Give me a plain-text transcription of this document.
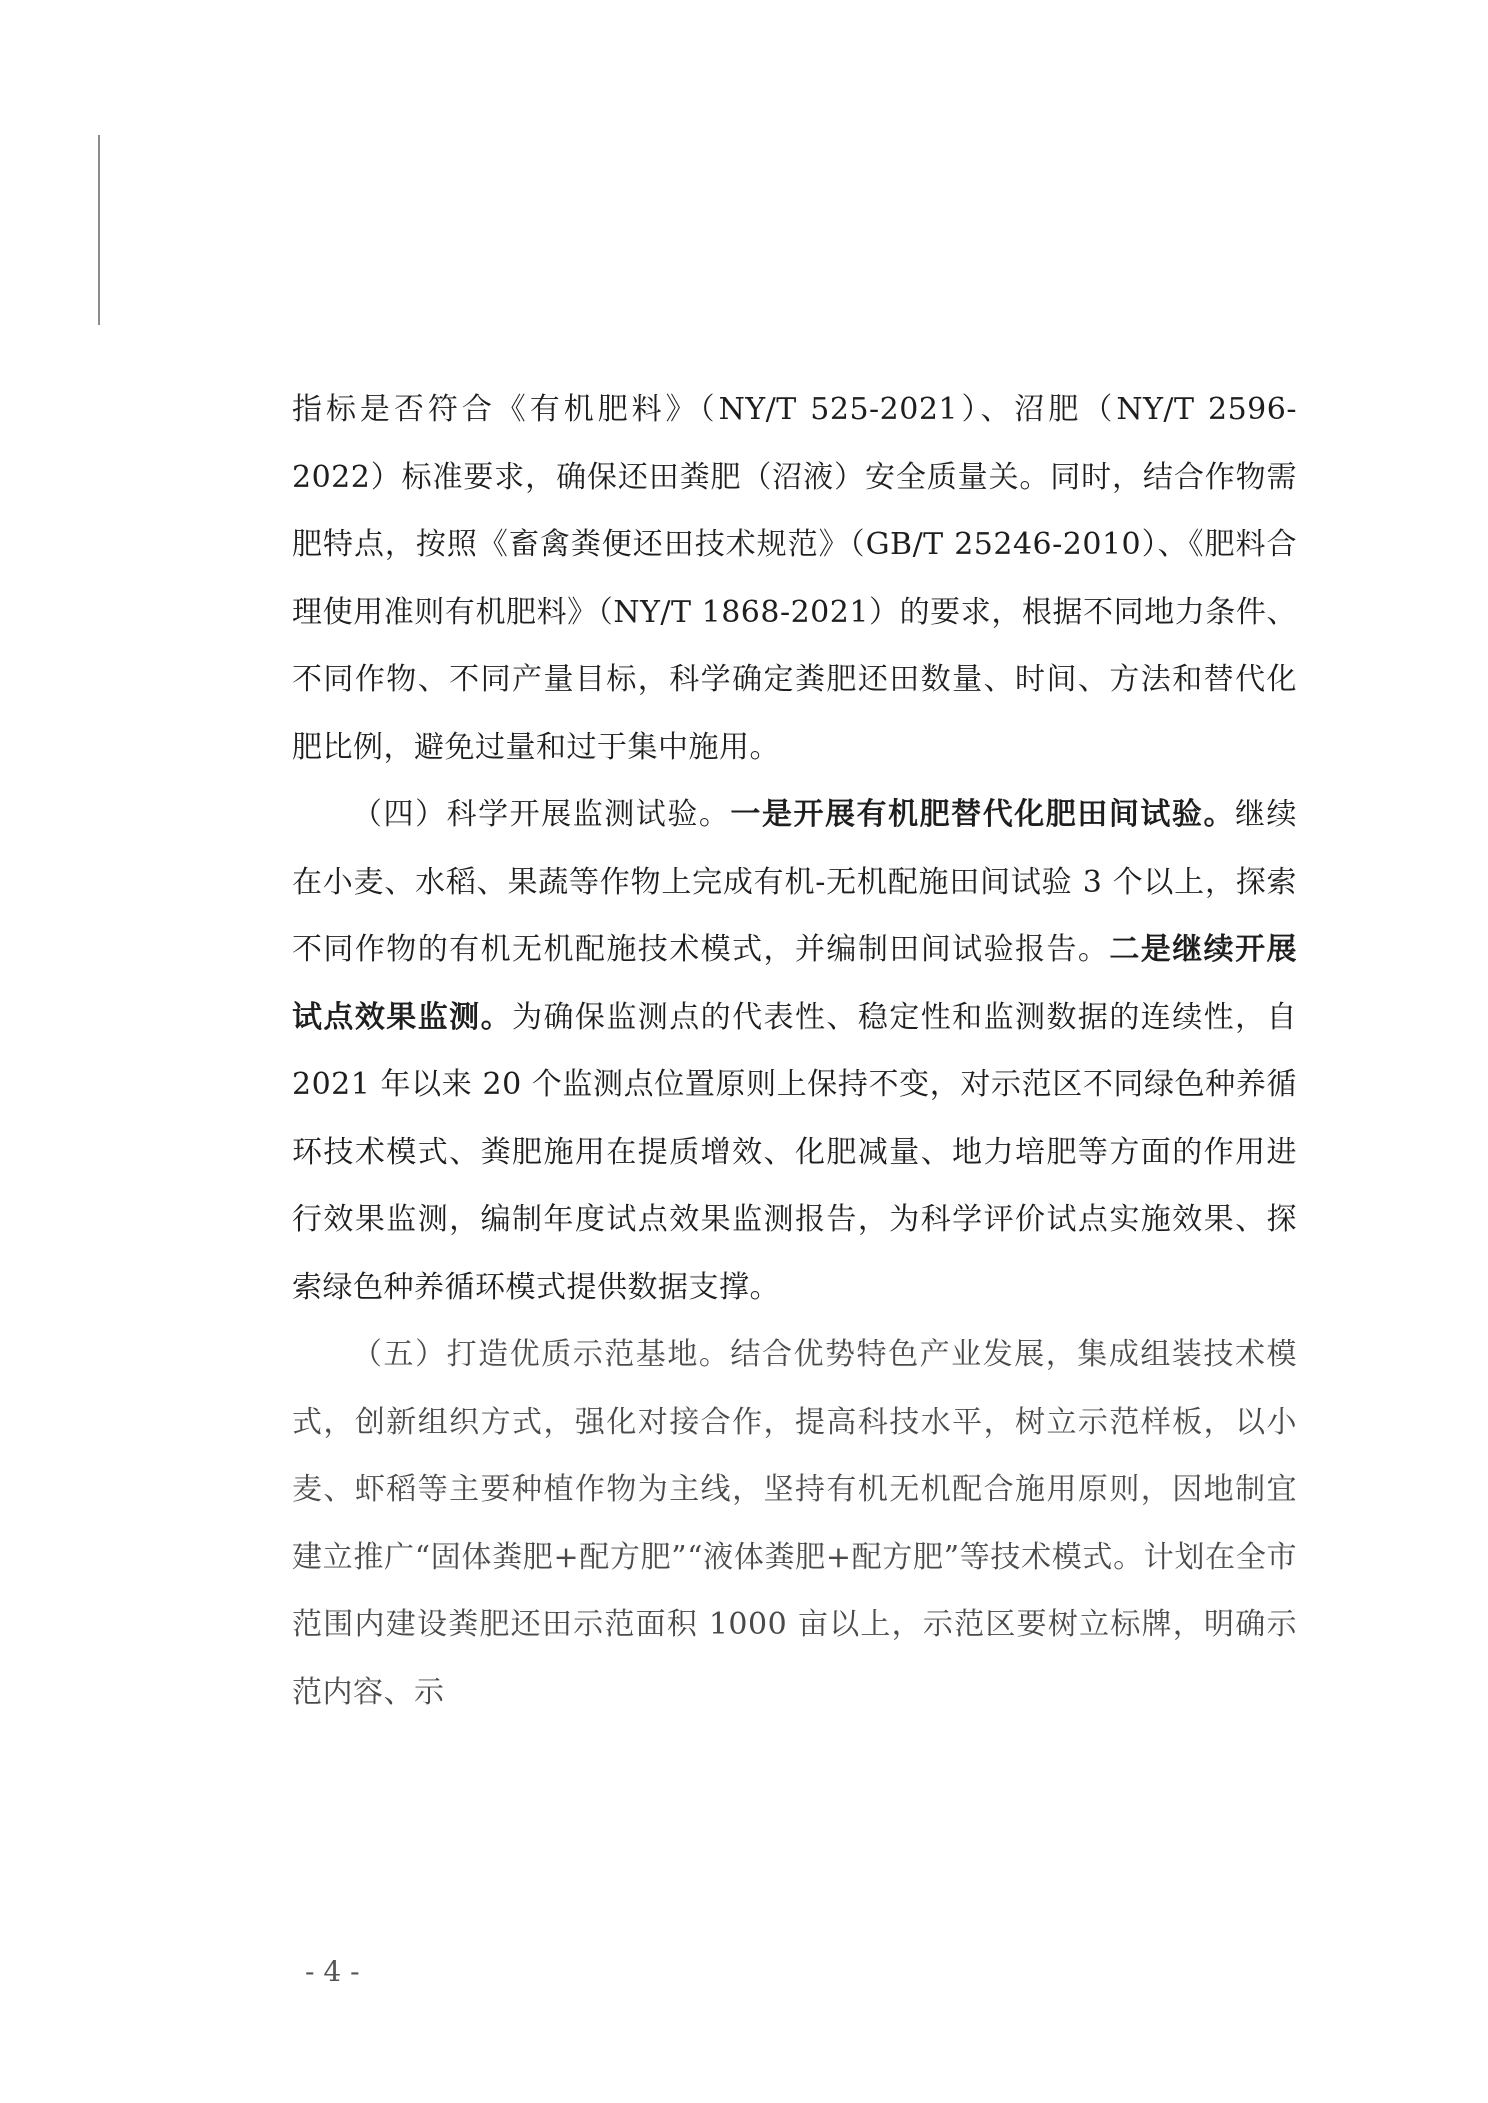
指标是否符合《有机肥料》（NY/T 525-2021）、沼肥（NY/T 2596-2022）标准要求，确保还田粪肥（沼液）安全质量关。同时，结合作物需肥特点，按照《畜禽粪便还田技术规范》（GB/T 25246-2010）、《肥料合理使用准则有机肥料》（NY/T 1868-2021）的要求，根据不同地力条件、不同作物、不同产量目标，科学确定粪肥还田数量、时间、方法和替代化肥比例，避免过量和过于集中施用。

（四）科学开展监测试验。一是开展有机肥替代化肥田间试验。继续在小麦、水稻、果蔬等作物上完成有机-无机配施田间试验 3 个以上，探索不同作物的有机无机配施技术模式，并编制田间试验报告。二是继续开展试点效果监测。为确保监测点的代表性、稳定性和监测数据的连续性，自 2021 年以来 20 个监测点位置原则上保持不变，对示范区不同绿色种养循环技术模式、粪肥施用在提质增效、化肥减量、地力培肥等方面的作用进行效果监测，编制年度试点效果监测报告，为科学评价试点实施效果、探索绿色种养循环模式提供数据支撑。

（五）打造优质示范基地。结合优势特色产业发展，集成组装技术模式，创新组织方式，强化对接合作，提高科技水平，树立示范样板，以小麦、虾稻等主要种植作物为主线，坚持有机无机配合施用原则，因地制宜建立推广“固体粪肥+配方肥”“液体粪肥+配方肥”等技术模式。计划在全市范围内建设粪肥还田示范面积 1000 亩以上，示范区要树立标牌，明确示范内容、示

- 4 -
